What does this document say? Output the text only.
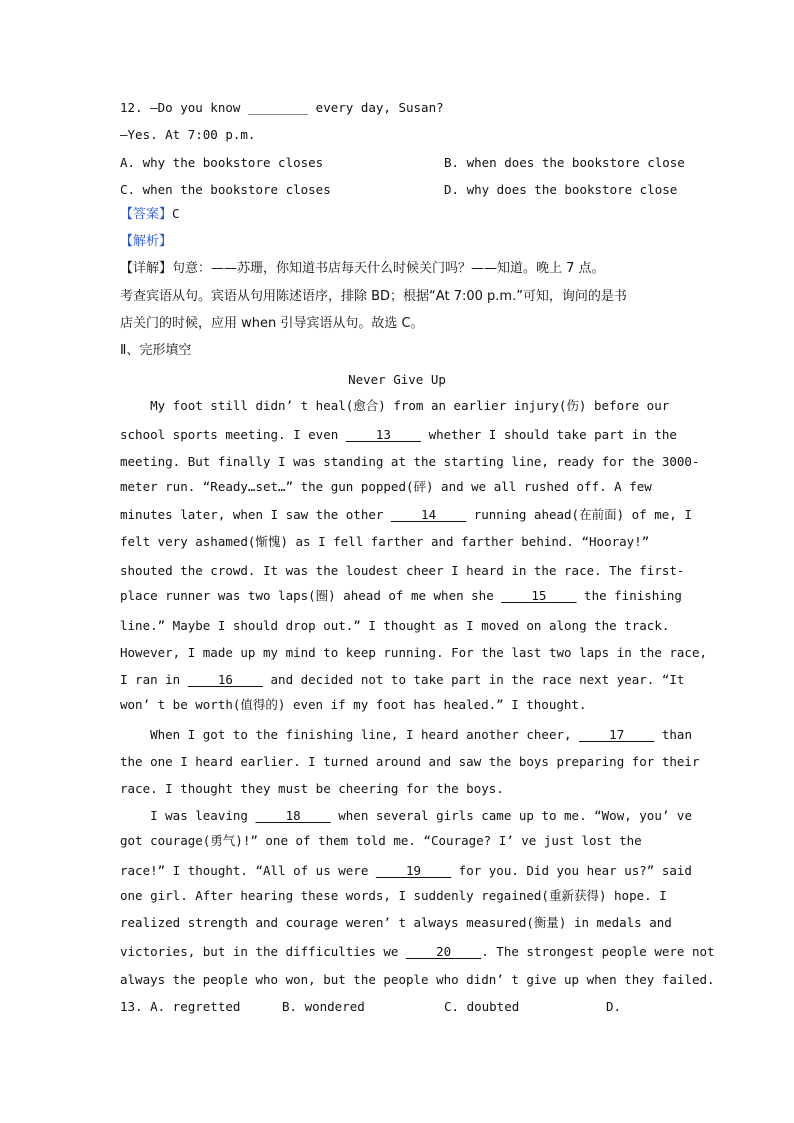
12. —Do you know ________ every day, Susan?
—Yes. At 7:00 p.m.
A. why the bookstore closes	B. when does the bookstore close
C. when the bookstore closes	D. why does the bookstore close
【答案】C
【解析】
【详解】句意：——苏珊，你知道书店每天什么时候关门吗？——知道。晚上 7 点。
考查宾语从句。宾语从句用陈述语序，排除 BD；根据“At 7:00 p.m.”可知，询问的是书
店关门的时候，应用 when 引导宾语从句。故选 C。
Ⅱ、完形填空
Never Give Up
My foot still didn’ t heal(愈合) from an earlier injury(伤) before our
school sports meeting. I even ____13____ whether I should take part in the
meeting. But finally I was standing at the starting line, ready for the 3000-
meter run. “Ready…set…” the gun popped(砰) and we all rushed off. A few
minutes later, when I saw the other ____14____ running ahead(在前面) of me, I
felt very ashamed(惭愧) as I fell farther and farther behind. “Hooray!”
shouted the crowd. It was the loudest cheer I heard in the race. The first-
place runner was two laps(圈) ahead of me when she ____15____ the finishing
line.” Maybe I should drop out.” I thought as I moved on along the track.
However, I made up my mind to keep running. For the last two laps in the race,
I ran in ____16____ and decided not to take part in the race next year. “It
won’ t be worth(值得的) even if my foot has healed.” I thought.
When I got to the finishing line, I heard another cheer, ____17____ than
the one I heard earlier. I turned around and saw the boys preparing for their
race. I thought they must be cheering for the boys.
I was leaving ____18____ when several girls came up to me. “Wow, you’ ve
got courage(勇气)!” one of them told me. “Courage? I’ ve just lost the
race!” I thought. “All of us were ____19____ for you. Did you hear us?” said
one girl. After hearing these words, I suddenly regained(重新获得) hope. I
realized strength and courage weren’ t always measured(衡量) in medals and
victories, but in the difficulties we ____20____. The strongest people were not
always the people who won, but the people who didn’ t give up when they failed.
13. A. regretted	B. wondered	C. doubted	D.
